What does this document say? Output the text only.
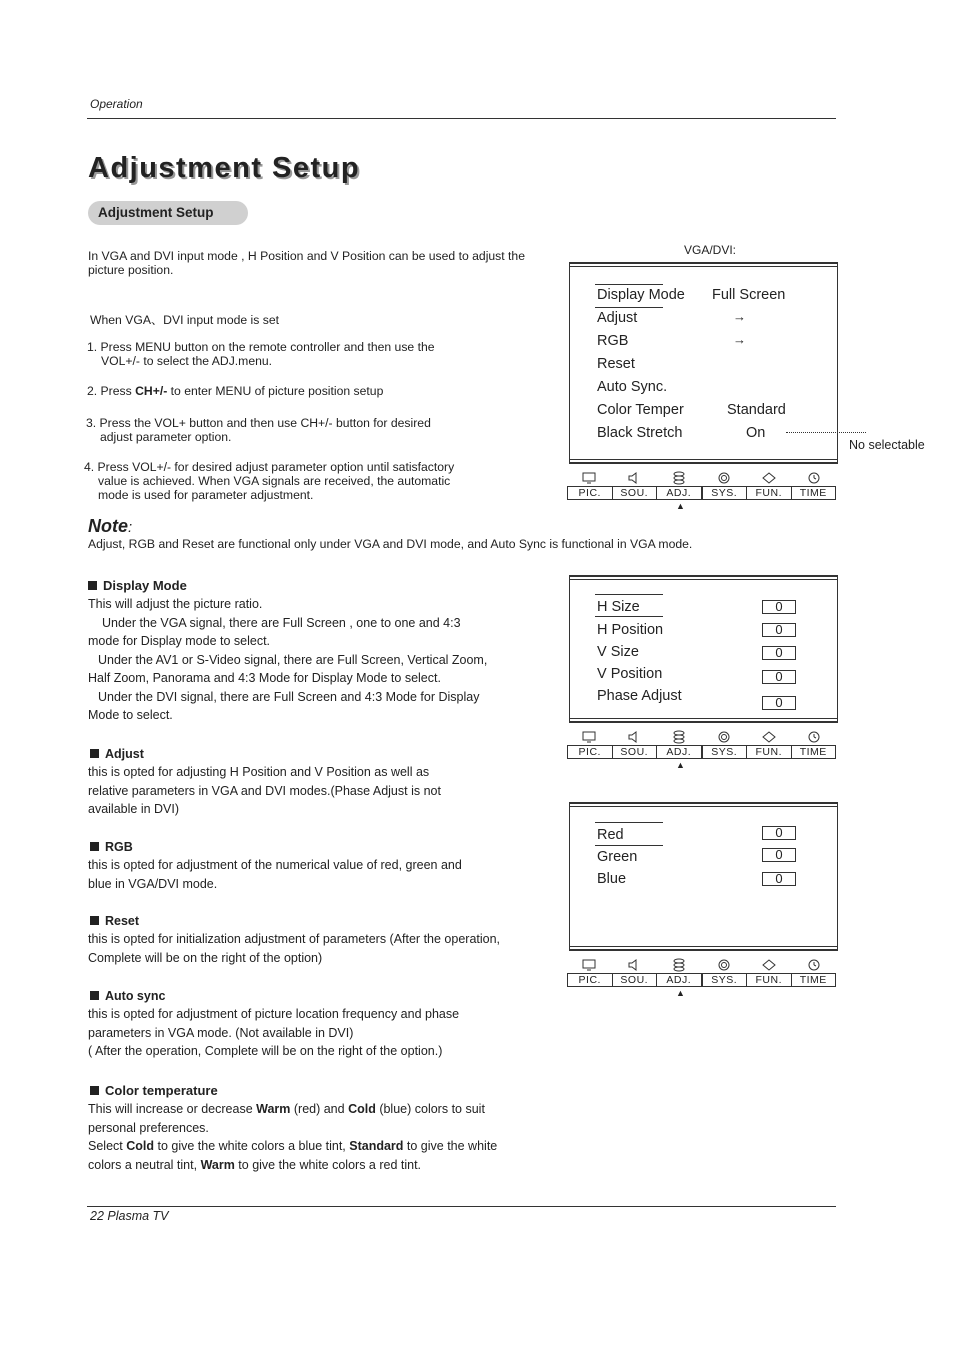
Operation
Adjustment Setup
Adjustment Setup
In VGA and DVI input mode , H Position and V Position can be used to adjust the picture position.
When VGA、DVI input mode is set

1. Press MENU button on the remote controller and then use the

VOL+/- to select the ADJ.menu.

2. Press CH+/- to enter MENU of picture position setup

3. Press the VOL+ button and then use CH+/- button for desired

adjust parameter option.

4. Press VOL+/- for desired adjust parameter option until satisfactory

value is achieved. When VGA signals are received, the automatic

mode is used for parameter adjustment.

Note:
Adjust, RGB and Reset are functional only under VGA and DVI mode, and Auto Sync is functional in VGA mode.
Display Mode

This will adjust the picture ratio.

Under the VGA signal, there are Full Screen , one to one and 4:3

mode for Display mode to select.

Under the AV1 or S-Video signal, there are Full Screen, Vertical Zoom,

Half Zoom, Panorama and 4:3 Mode for Display Mode to select.

Under the DVI signal, there are Full Screen and 4:3 Mode for Display

Mode to select.

Adjust

this is opted for adjusting H Position and V Position as well as

relative parameters in VGA and DVI modes.(Phase Adjust is not

available in DVI)

RGB

this is opted for adjustment of the numerical value of red, green and

blue in VGA/DVI mode.

Reset

this is opted for initialization adjustment of parameters (After the operation,

Complete will be on the right of the option)

Auto sync

this is opted for adjustment of picture location frequency and phase

parameters in VGA mode. (Not available in DVI)

( After the operation, Complete will be on the right of the option.)

Color temperature

This will increase or decrease Warm (red) and Cold (blue) colors to suit

personal preferences.

Select Cold to give the white colors a blue tint, Standard to give the white

colors a neutral tint, Warm to give the white colors a red tint.

VGA/DVI:
Display Mode Full Screen
Adjust	→
RGB	→
Reset
Auto Sync.
Color Temper	Standard
Black Stretch	On
No selectable
H Size	0
H Position	0
V Size	0
V Position	0
Phase Adjust	0
Red	0
Green	0
Blue	0
PIC.	SOU.	ADJ.	SYS.	FUN.	TIME
▲
PIC.	SOU.	ADJ.	SYS.	FUN.	TIME
▲
PIC.	SOU.	ADJ.	SYS.	FUN.	TIME
▲
22 Plasma TV
